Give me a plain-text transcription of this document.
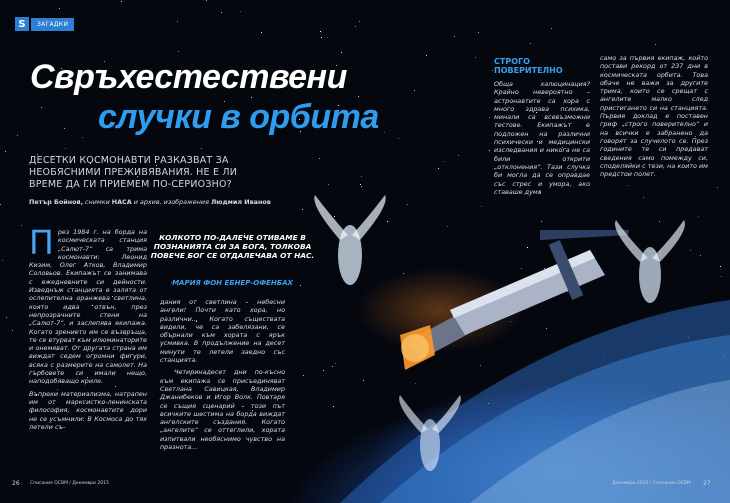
S	ЗАГАДКИ
Свръхестествени
случки в орбита
ДЕСЕТКИ КОСМОНАВТИ РАЗКАЗВАТ ЗА НЕОБЯСНИМИ ПРЕЖИВЯВАНИЯ. НЕ Е ЛИ ВРЕМЕ ДА ГИ ПРИЕМЕМ ПО-СЕРИОЗНО?
Петър Бойнов, снимки НАСА и архив, изображения Людмил Иванов
През 1984 г. на борда на космическата станция „Салют-7“ са трима космонавти: Леонид Кизим, Олег Атков, Владимир Соловьов. Екипажът се занимава с ежедневните си дейности. Изведнъж станцията е залята от ослепителна оранжева светлина, която идва отвън, през непрозрачните стени на „Салют-7“, и заслепява екипажа. Когато зрението им се възвръща, те се втурват към илюминаторите и онемяват. От другата страна им виждат седем огромни фигури, всяка с размерите на самолет. На гърбовете си имали нещо, наподобяващо криле.
Въпреки материализма, натрапен им от марксистко-ленинската философия, космонавтите дори не се усъмнили: В Космоса до тях летели съ-
КОЛКОТО ПО-ДАЛЕЧЕ ОТИВАМЕ В ПОЗНАНИЯТА СИ ЗА БОГА, ТОЛКОВА ПОВЕЧЕ БОГ СЕ ОТДАЛЕЧАВА ОТ НАС.
МАРИЯ ФОН ЕБНЕР-ОФЕНБАХ
дания от светлина – небесни ангели! Почти като хора, но различни... Когато съществата видели, че са забелязани, се обърнали към хората с ярък усмивка. В продължение на десет минути те летели заедно със станцията.
Четиринадесет дни по-късно към екипажа се присъединяват Светлана Савицкая, Владимир Джанибеков и Игор Волк. Повтаря се същия сценарий – този път всичките шестима на борда виждат ангелските създания. Когато „ангелите“ се оттеглили, хората изпитвали необяснимо чувство на празнота...
СТРОГО ПОВЕРИТЕЛНО
Обща халюцинация? Крайно невероятно – астронавтите са хора с много здрава психика, минали са всевъзможни тестове. Екипажът е подложен на различни психически и медицински изследвания и никога не са били открити „отклонения“. Тази случка би могла да се оправдае със стрес и умора, ако ставаше дума
само за първия екипаж, който постави рекорд от 237 дни в космическата орбита. Това обаче не важи за другите трима, които се срещат с ангелите малко след пристигането си на станцията. Първия доклад е поставен гриф „строго поверително“ и на всички е забранено да говорят за случилото се. През годините те си предават сведения само помежду си, споделяйки с тези, на които им предстои полет.
26 Списание ОСВМ / Декември 2015	Декември 2015 / Списание ОСВМ 27
